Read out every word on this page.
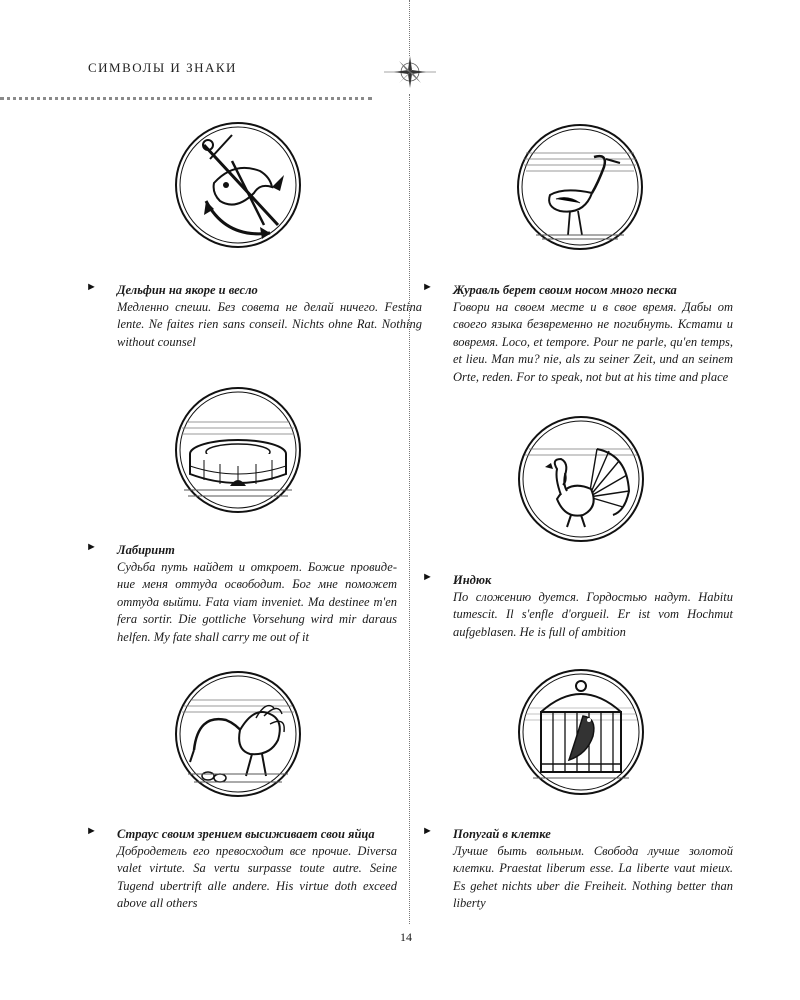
СИМВОЛЫ И ЗНАКИ
► Дельфин на якоре и весло

Медленно спеши. Без совета не делай ничего. Festina lente. Ne faites rien sans conseil. Nichts ohne Rat. Nothing without counsel

► Журавль берет своим носом много песка

Говори на своем месте и в свое время. Дабы от своего языка безвременно не погибнуть. Кстати и вовремя. Loco, et tempore. Pour ne parle, qu'en temps, et lieu. Man mu? nie, als zu seiner Zeit, und an seinem Orte, reden. For to speak, not but at his time and place

► Лабиринт

Судьба путь найдет и откроет. Божие провиде-ние меня оттуда освободит. Бог мне поможет оттуда выйти. Fata viam inveniet. Ma destinee m'en fera sortir. Die gottliche Vorsehung wird mir daraus helfen. My fate shall carry me out of it

► Индюк

По сложению дуется. Гордостью надут. Habitu tumescit. Il s'enfle d'orgueil. Er ist vom Hochmut aufgeblasen. He is full of ambition

► Страус своим зрением высиживает свои яйца

Добродетель его превосходит все прочие. Diversa valet virtute. Sa vertu surpasse toute autre. Seine Tugend ubertrift alle andere. His virtue doth exceed above all others

► Попугай в клетке

Лучше быть вольным. Свобода лучше золотой клетки. Praestat liberum esse. La liberte vaut mieux. Es gehet nichts uber die Freiheit. Nothing better than liberty

14
